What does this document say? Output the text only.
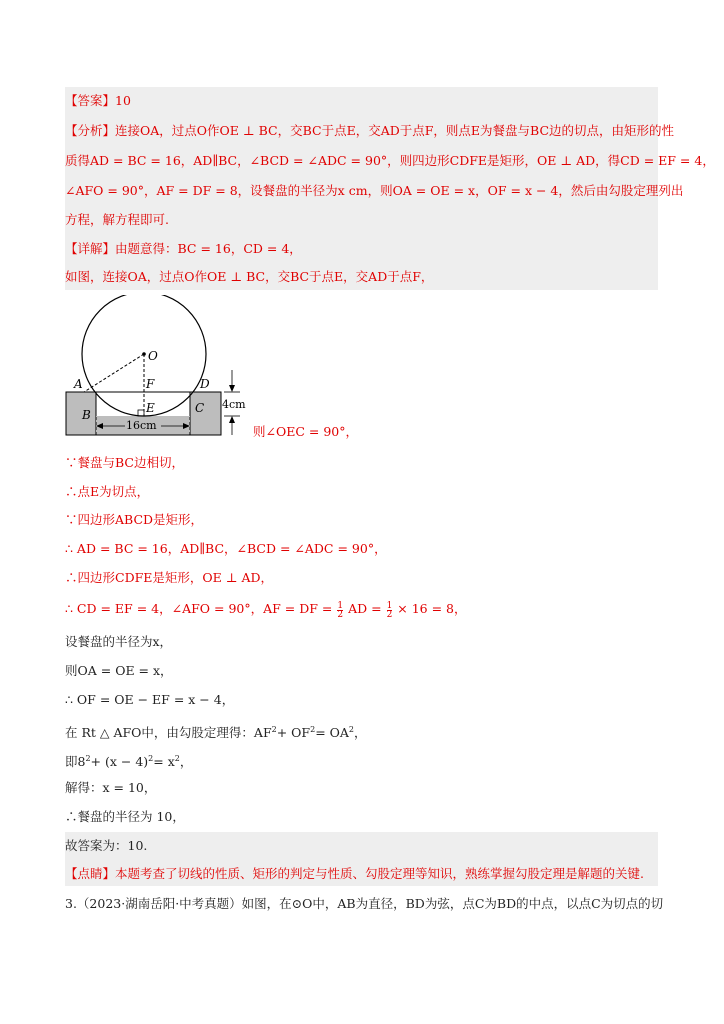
【答案】10
【分析】连接OA，过点O作OE ⊥ BC，交BC于点E，交AD于点F，则点E为餐盘与BC边的切点，由矩形的性
质得AD = BC = 16，AD∥BC，∠BCD = ∠ADC = 90°，则四边形CDFE是矩形，OE ⊥ AD，得CD = EF = 4，
∠AFO = 90°，AF = DF = 8，设餐盘的半径为x cm，则OA = OE = x，OF = x − 4，然后由勾股定理列出
方程，解方程即可.
【详解】由题意得：BC = 16，CD = 4，
如图，连接OA，过点O作OE ⊥ BC，交BC于点E，交AD于点F，
O
A	F	D
B	E	C 4cm
16cm	则∠OEC = 90°，
∵餐盘与BC边相切，
∴点E为切点，
∵四边形ABCD是矩形，
∴ AD = BC = 16，AD∥BC，∠BCD = ∠ADC = 90°，
∴四边形CDFE是矩形，OE ⊥ AD，
∴ CD = EF = 4，∠AFO = 90°，AF = DF = $\frac{1}{2}$ AD = $\frac{1}{2} \times 16 = 8$，
设餐盘的半径为x，
则OA = OE = x，
∴ OF = OE − EF = x − 4，
在 Rt △ AFO中，由勾股定理得：$AF^2+ OF^2= OA^2$，
即$8^2+ (x - 4)^2= x^2$，
解得：x = 10，
∴餐盘的半径为 10，
故答案为：10.
【点睛】本题考查了切线的性质、矩形的判定与性质、勾股定理等知识，熟练掌握勾股定理是解题的关键.
3.（2023·湖南岳阳·中考真题）如图，在⊙O中，AB为直径，BD为弦，点C为BD的中点，以点C为切点的切
